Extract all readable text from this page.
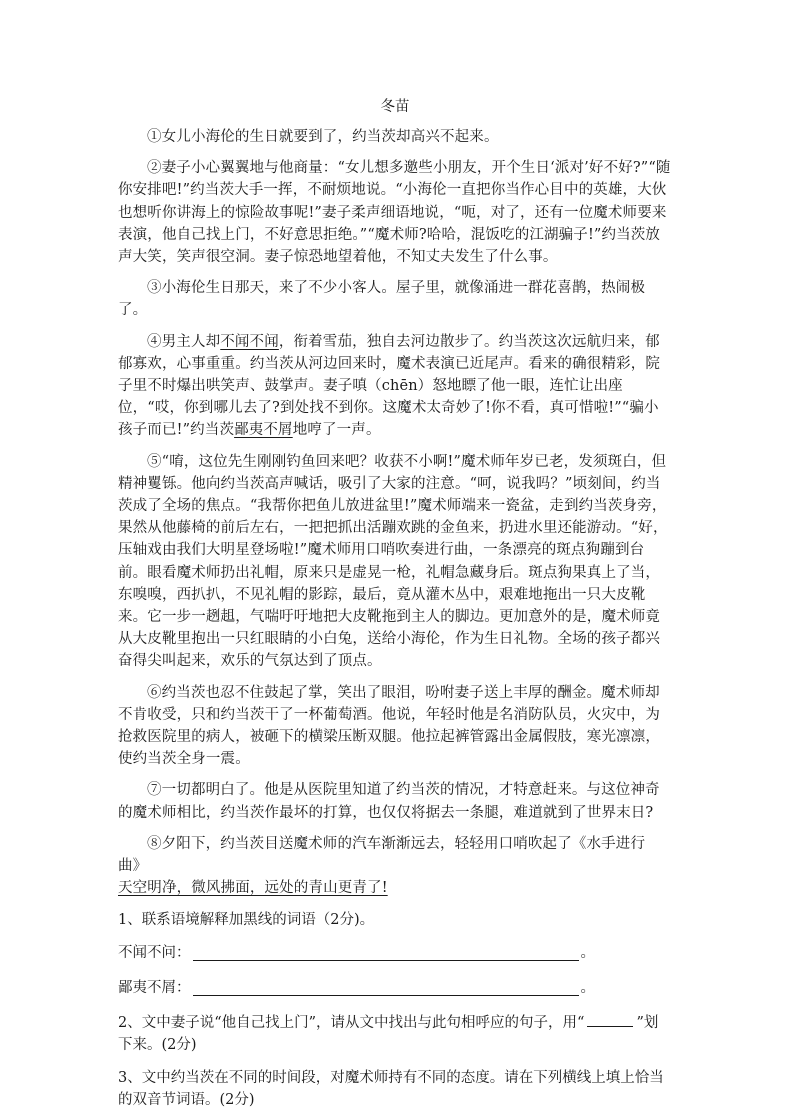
冬苗

①女儿小海伦的生日就要到了，约当茨却高兴不起来。

②妻子小心翼翼地与他商量：“女儿想多邀些小朋友，开个生日‘派对’好不好?”“随你安排吧!”约当茨大手一挥，不耐烦地说。“小海伦一直把你当作心目中的英雄，大伙也想听你讲海上的惊险故事呢!”妻子柔声细语地说，“呃，对了，还有一位魔术师要来表演，他自己找上门，不好意思拒绝。”“魔术师?哈哈，混饭吃的江湖骗子!”约当茨放声大笑，笑声很空洞。妻子惊恐地望着他，不知丈夫发生了什么事。

③小海伦生日那天，来了不少小客人。屋子里，就像涌进一群花喜鹊，热闹极了。

④男主人却不闻不闻，衔着雪茄，独自去河边散步了。约当茨这次远航归来，郁郁寡欢，心事重重。约当茨从河边回来时，魔术表演已近尾声。看来的确很精彩，院子里不时爆出哄笑声、鼓掌声。妻子嗔（chēn）怒地瞟了他一眼，连忙让出座位，“哎，你到哪儿去了?到处找不到你。这魔术太奇妙了!你不看，真可惜啦!”“骗小孩子而已!”约当茨鄙夷不屑地哼了一声。

⑤“唷，这位先生刚刚钓鱼回来吧？收获不小啊!”魔术师年岁已老，发须斑白，但精神矍铄。他向约当茨高声喊话，吸引了大家的注意。“呵，说我吗？”顷刻间，约当茨成了全场的焦点。“我帮你把鱼儿放进盆里!”魔术师端来一瓷盆，走到约当茨身旁，果然从他藤椅的前后左右，一把把抓出活蹦欢跳的金鱼来，扔进水里还能游动。“好，压轴戏由我们大明星登场啦!”魔术师用口哨吹奏进行曲，一条漂亮的斑点狗蹦到台前。眼看魔术师扔出礼帽，原来只是虚晃一枪，礼帽急藏身后。斑点狗果真上了当，东嗅嗅，西扒扒，不见礼帽的影踪，最后，竟从灌木丛中，艰难地拖出一只大皮靴来。它一步一趔趄，气喘吁吁地把大皮靴拖到主人的脚边。更加意外的是，魔术师竟从大皮靴里抱出一只红眼睛的小白兔，送给小海伦，作为生日礼物。全场的孩子都兴奋得尖叫起来，欢乐的气氛达到了顶点。

⑥约当茨也忍不住鼓起了掌，笑出了眼泪，吩咐妻子送上丰厚的酬金。魔术师却不肯收受，只和约当茨干了一杯葡萄酒。他说，年轻时他是名消防队员，火灾中，为抢救医院里的病人，被砸下的横梁压断双腿。他拉起裤管露出金属假肢，寒光凛凛，使约当茨全身一震。

⑦一切都明白了。他是从医院里知道了约当茨的情况，才特意赶来。与这位神奇的魔术师相比，约当茨作最坏的打算，也仅仅将据去一条腿，难道就到了世界末日?

⑧夕阳下，约当茨目送魔术师的汽车渐渐远去，轻轻用口哨吹起了《水手进行曲》
天空明净，微风拂面，远处的青山更青了!

1、联系语境解释加黑线的词语（2分)。
不闻不问：	。
鄙夷不屑：	。
2、文中妻子说“他自己找上门”，请从文中找出与此句相呼应的句子，用“	”划下来。(2分)
3、文中约当茨在不同的时间段，对魔术师持有不同的态度。请在下列横线上填上恰当的双音节词语。(2分)
